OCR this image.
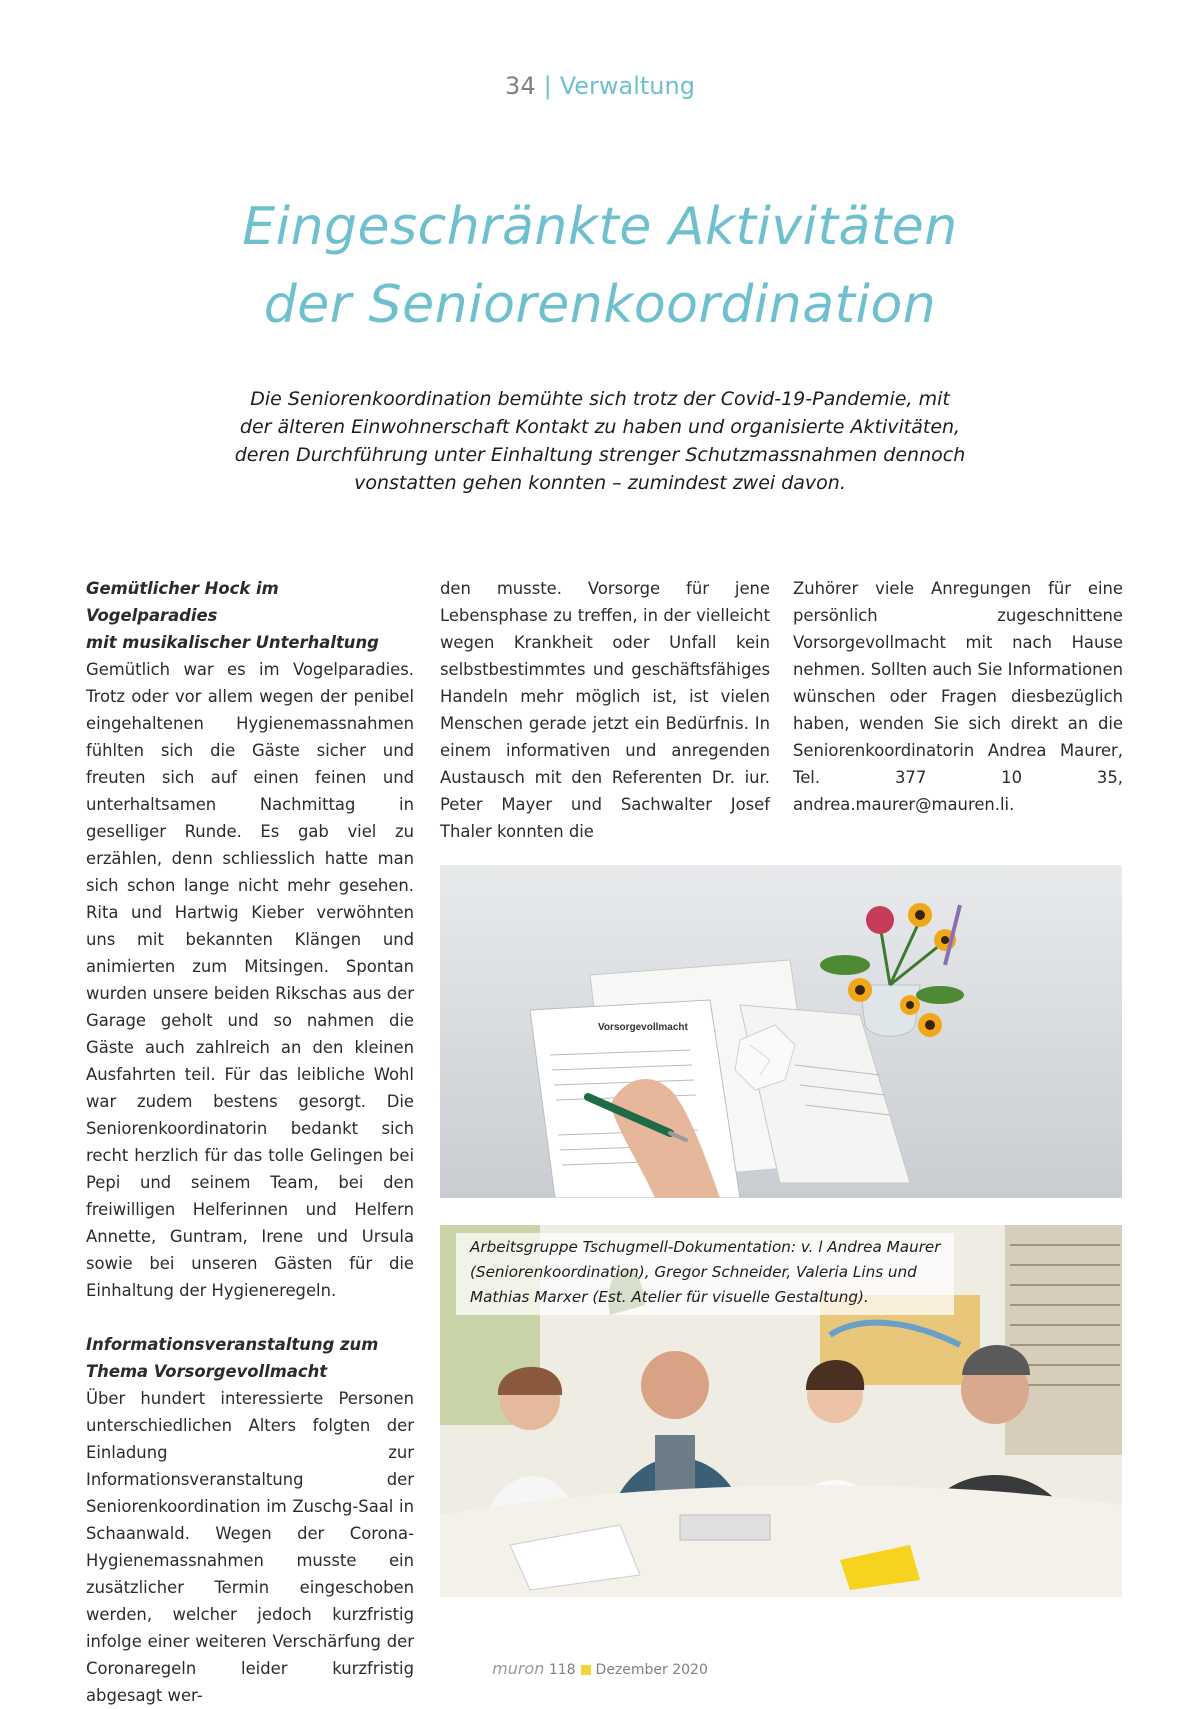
34 | Verwaltung
Eingeschränkte Aktivitäten
der Seniorenkoordination
Die Seniorenkoordination bemühte sich trotz der Covid-19-Pandemie, mit
der älteren Einwohnerschaft Kontakt zu haben und organisierte Aktivitäten,
deren Durchführung unter Einhaltung strenger Schutzmassnahmen dennoch
vonstatten gehen konnten – zumindest zwei davon.

Gemütlicher Hock im Vogelparadies
mit musikalischer Unterhaltung

Gemütlich war es im Vogelparadies. Trotz oder vor allem wegen der penibel eingehaltenen Hygienemassnahmen fühlten sich die Gäste sicher und freuten sich auf einen feinen und unterhaltsamen Nachmittag in geselliger Runde. Es gab viel zu erzählen, denn schliesslich hatte man sich schon lange nicht mehr gesehen. Rita und Hartwig Kieber verwöhnten uns mit bekannten Klängen und animierten zum Mitsingen. Spontan wurden unsere beiden Rikschas aus der Garage geholt und so nahmen die Gäste auch zahlreich an den kleinen Ausfahrten teil. Für das leibliche Wohl war zudem bestens gesorgt. Die Seniorenkoordinatorin bedankt sich recht herzlich für das tolle Gelingen bei Pepi und seinem Team, bei den freiwilligen Helferinnen und Helfern Annette, Guntram, Irene und Ursula sowie bei unseren Gästen für die Einhaltung der Hygieneregeln.

Informationsveranstaltung zum
Thema Vorsorgevollmacht

Über hundert interessierte Personen unterschiedlichen Alters folgten der Einladung zur Informationsveranstaltung der Seniorenkoordination im Zuschg-Saal in Schaanwald. Wegen der Corona-Hygienemassnahmen musste ein zusätzlicher Termin eingeschoben werden, welcher jedoch kurzfristig infolge einer weiteren Verschärfung der Coronaregeln leider kurzfristig abgesagt wer-

den musste. Vorsorge für jene Lebensphase zu treffen, in der vielleicht wegen Krankheit oder Unfall kein selbstbestimmtes und geschäftsfähiges Handeln mehr möglich ist, ist vielen Menschen gerade jetzt ein Bedürfnis. In einem informativen und anregenden Austausch mit den Referenten Dr. iur. Peter Mayer und Sachwalter Josef Thaler konnten die

Zuhörer viele Anregungen für eine persönlich zugeschnittene Vorsorgevollmacht mit nach Hause nehmen. Sollten auch Sie Informationen wünschen oder Fragen diesbezüglich haben, wenden Sie sich direkt an die Seniorenkoordinatorin Andrea Maurer, Tel. 377 10 35, andrea.maurer@mauren.li.

Vorsorgevollmacht
Arbeitsgruppe Tschugmell-Dokumentation: v. l Andrea Maurer
(Seniorenkoordination), Gregor Schneider, Valeria Lins und
Mathias Marxer (Est. Atelier für visuelle Gestaltung).
muron 118 Dezember 2020
